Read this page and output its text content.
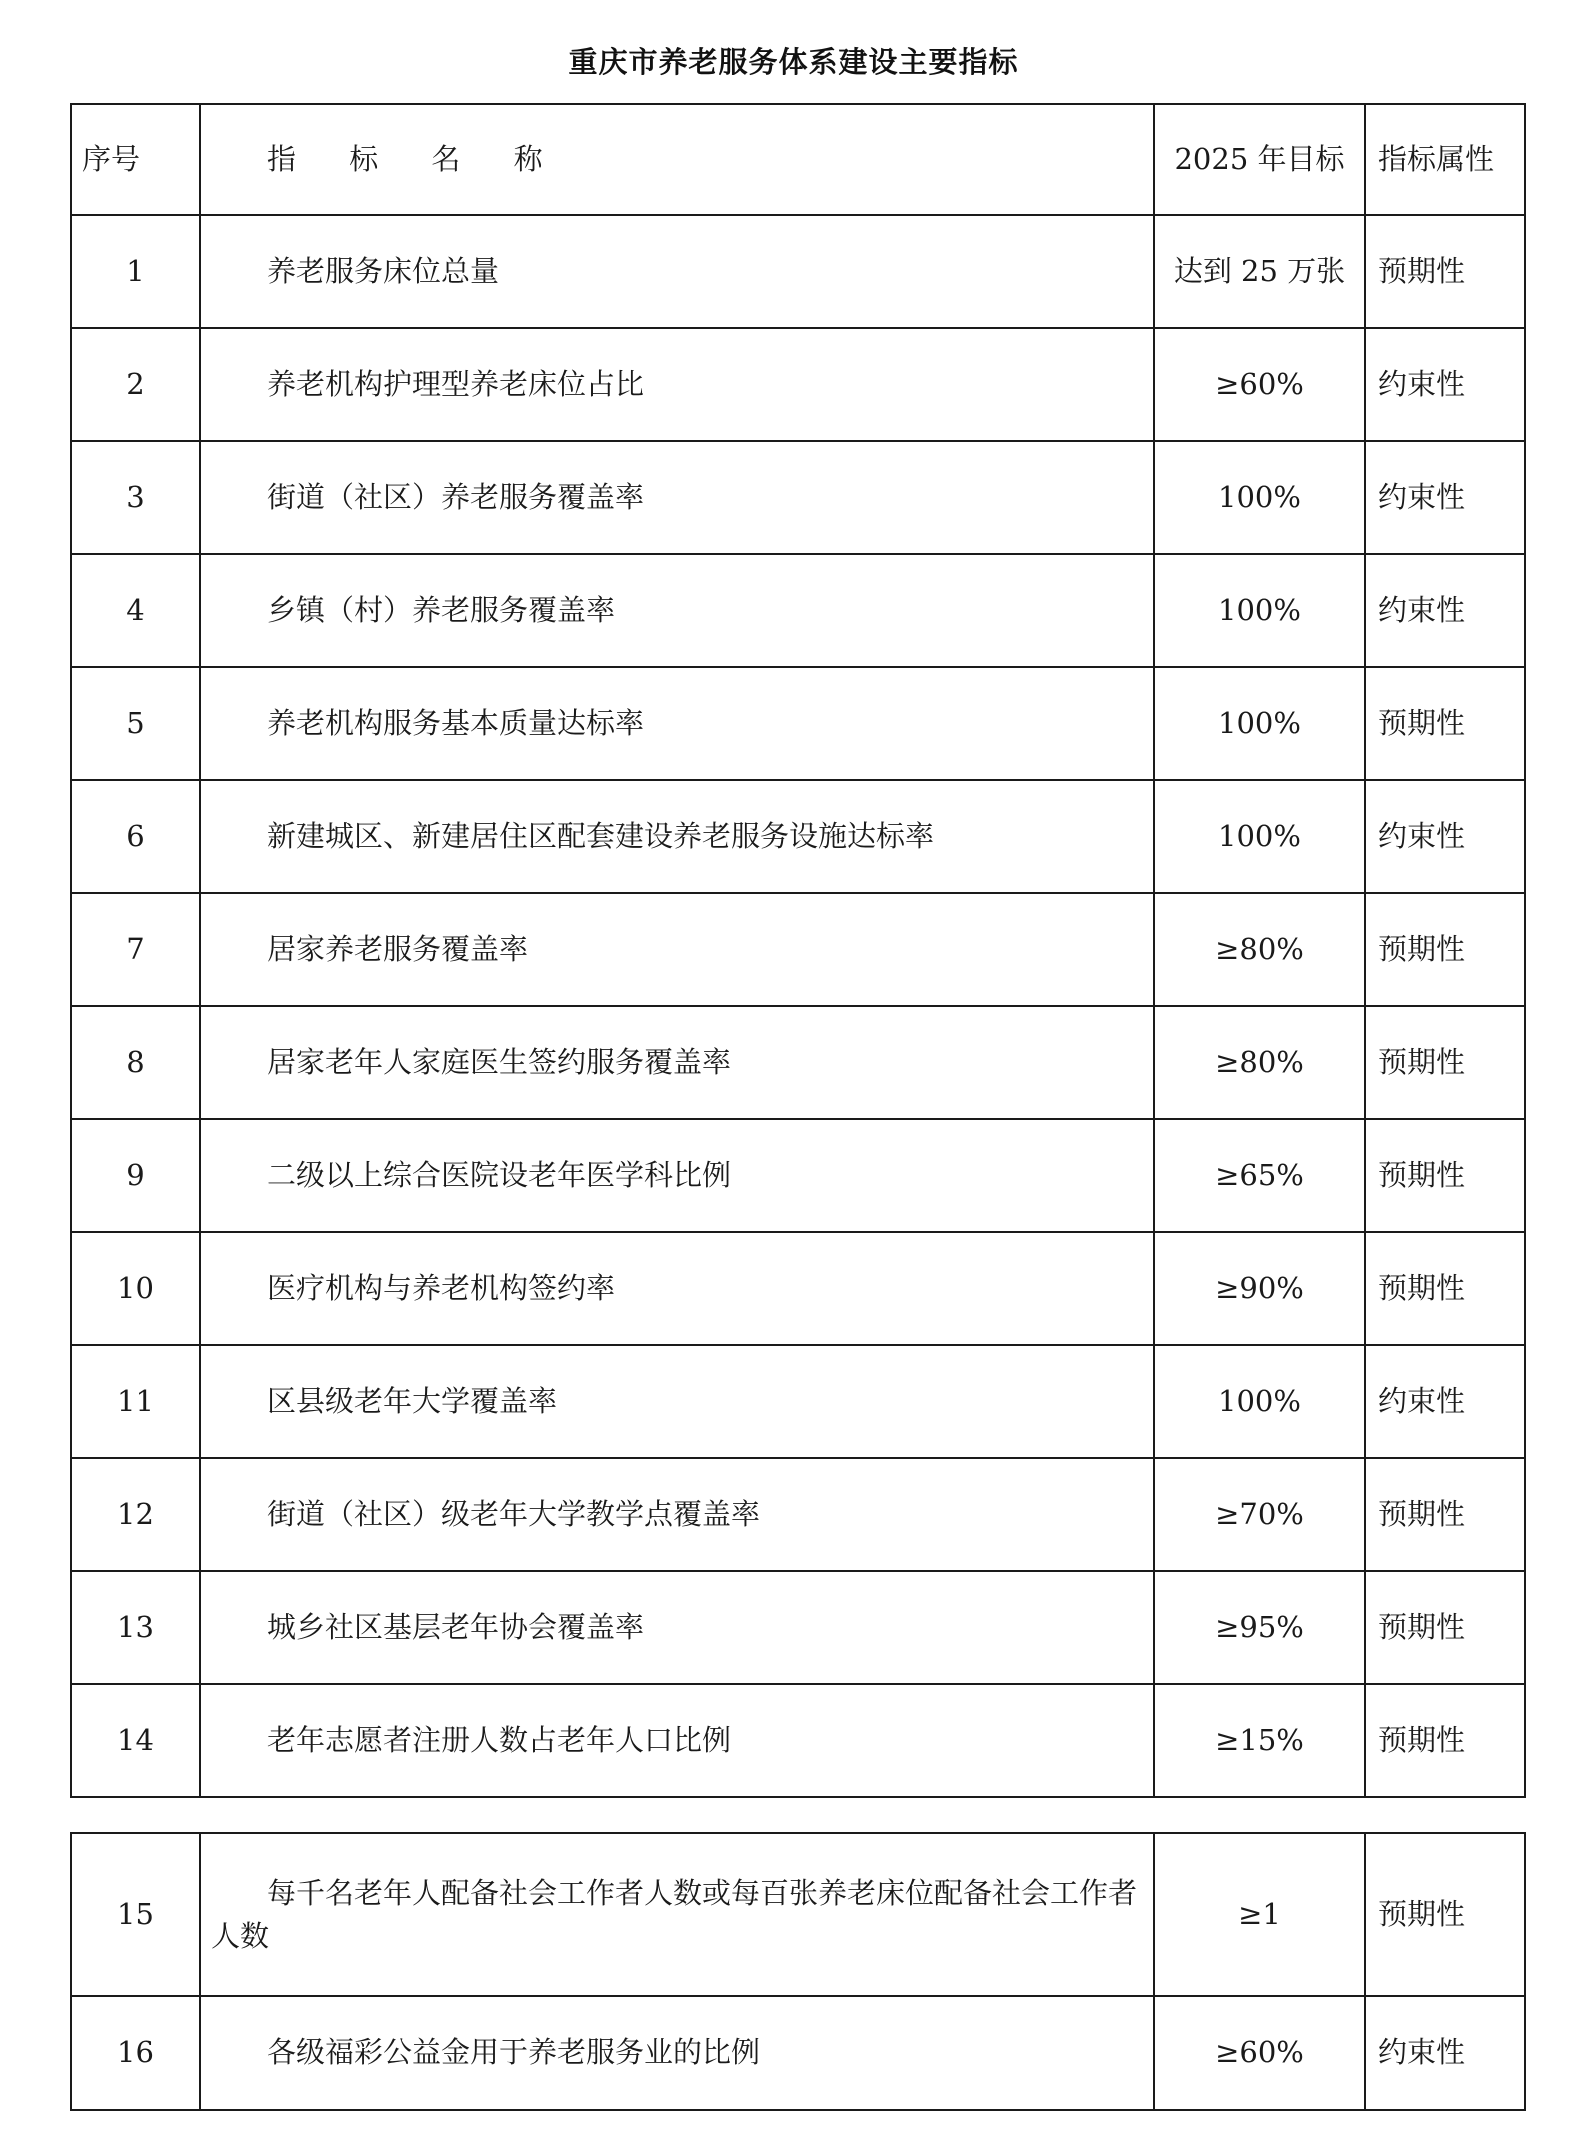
重庆市养老服务体系建设主要指标
序号	指 标 名 称	2025 年目标	指标属性
1	养老服务床位总量	达到 25 万张	预期性
2	养老机构护理型养老床位占比	≥60%	约束性
3	街道（社区）养老服务覆盖率	100%	约束性
4	乡镇（村）养老服务覆盖率	100%	约束性
5	养老机构服务基本质量达标率	100%	预期性
6	新建城区、新建居住区配套建设养老服务设施达标率	100%	约束性
7	居家养老服务覆盖率	≥80%	预期性
8	居家老年人家庭医生签约服务覆盖率	≥80%	预期性
9	二级以上综合医院设老年医学科比例	≥65%	预期性
10	医疗机构与养老机构签约率	≥90%	预期性
11	区县级老年大学覆盖率	100%	约束性
12	街道（社区）级老年大学教学点覆盖率	≥70%	预期性
13	城乡社区基层老年协会覆盖率	≥95%	预期性
14	老年志愿者注册人数占老年人口比例	≥15%	预期性
15	每千名老年人配备社会工作者人数或每百张养老床位配备社会工作者人数	≥1	预期性
16	各级福彩公益金用于养老服务业的比例	≥60%	约束性
